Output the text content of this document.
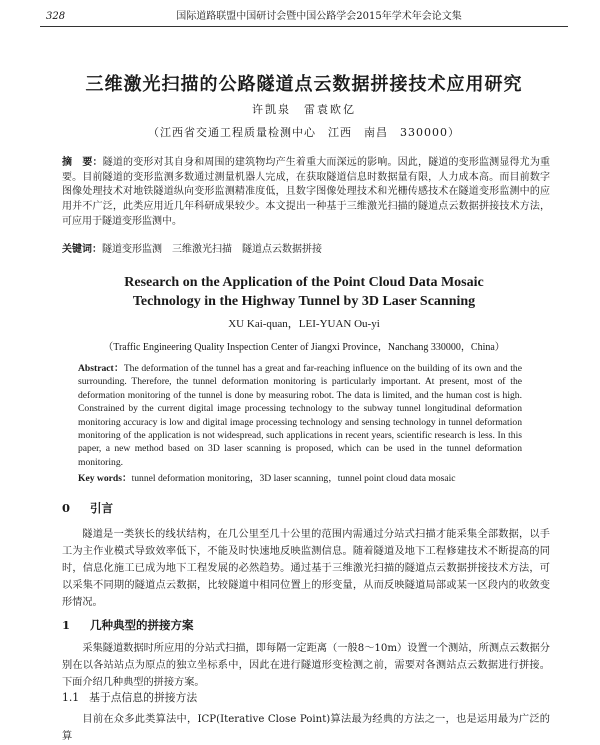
328	国际道路联盟中国研讨会暨中国公路学会2015年学术年会论文集
三维激光扫描的公路隧道点云数据拼接技术应用研究
许凯泉　雷袁欧亿
（江西省交通工程质量检测中心　江西　南昌　330000）
摘　要：隧道的变形对其自身和周围的建筑物均产生着重大而深远的影响。因此，隧道的变形监测显得尤为重要。目前隧道的变形监测多数通过测量机器人完成，在获取隧道信息时数据量有限，人力成本高。而目前数字图像处理技术对地铁隧道纵向变形监测精准度低，且数字图像处理技术和光栅传感技术在隧道变形监测中的应用并不广泛，此类应用近几年科研成果较少。本文提出一种基于三维激光扫描的隧道点云数据拼接技术方法，可应用于隧道变形监测中。
关键词：隧道变形监测　三维激光扫描　隧道点云数据拼接
Research on the Application of the Point Cloud Data Mosaic
Technology in the Highway Tunnel by 3D Laser Scanning
XU Kai-quan，LEI-YUAN Ou-yi
（Traffic Engineering Quality Inspection Center of Jiangxi Province，Nanchang 330000，China）
Abstract：The deformation of the tunnel has a great and far-reaching influence on the building of its own and the surrounding. Therefore, the tunnel deformation monitoring is particularly important. At present, most of the deformation monitoring of the tunnel is done by measuring robot. The data is limited, and the human cost is high. Constrained by the current digital image processing technology to the subway tunnel longitudinal deformation monitoring accuracy is low and digital image processing technology and sensing technology in tunnel deformation monitoring of the application is not widespread, such applications in recent years, scientific research is less. In this paper, a new method based on 3D laser scanning is proposed, which can be used in the tunnel deformation monitoring.
Key words：tunnel deformation monitoring，3D laser scanning，tunnel point cloud data mosaic
0 引言

隧道是一类狭长的线状结构，在几公里至几十公里的范围内需通过分站式扫描才能采集全部数据，以手工为主作业模式导致效率低下，不能及时快速地反映监测信息。随着隧道及地下工程修建技术不断提高的同时，信息化施工已成为地下工程发展的必然趋势。通过基于三维激光扫描的隧道点云数据拼接技术方法，可以采集不同期的隧道点云数据，比较隧道中相同位置上的形变量，从而反映隧道局部或某一区段内的收敛变形情况。

1 几种典型的拼接方案

采集隧道数据时所应用的分站式扫描，即每隔一定距离（一般8～10m）设置一个测站，所测点云数据分别在以各站站点为原点的独立坐标系中，因此在进行隧道形变检测之前，需要对各测站点云数据进行拼接。下面介绍几种典型的拼接方案。

1.1 基于点信息的拼接方法

目前在众多此类算法中，ICP(Iterative Close Point)算法最为经典的方法之一，也是运用最为广泛的算
